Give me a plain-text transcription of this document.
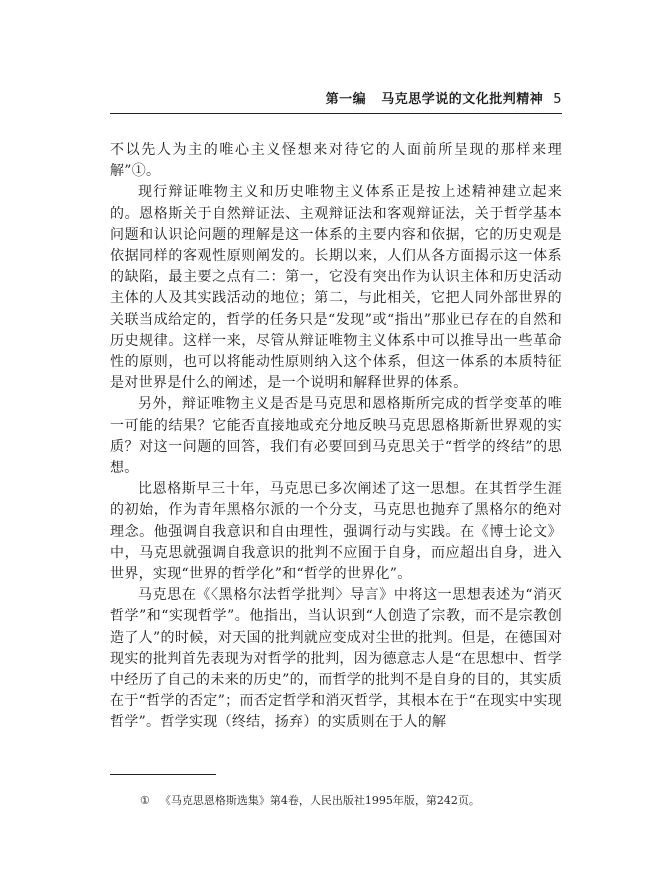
第一编 马克思学说的文化批判精神 5

不以先人为主的唯心主义怪想来对待它的人面前所呈现的那样来理解”①。

现行辩证唯物主义和历史唯物主义体系正是按上述精神建立起来的。恩格斯关于自然辩证法、主观辩证法和客观辩证法，关于哲学基本问题和认识论问题的理解是这一体系的主要内容和依据，它的历史观是依据同样的客观性原则阐发的。长期以来，人们从各方面揭示这一体系的缺陷，最主要之点有二：第一，它没有突出作为认识主体和历史活动主体的人及其实践活动的地位；第二，与此相关，它把人同外部世界的关联当成给定的，哲学的任务只是“发现”或“指出”那业已存在的自然和历史规律。这样一来，尽管从辩证唯物主义体系中可以推导出一些革命性的原则，也可以将能动性原则纳入这个体系，但这一体系的本质特征是对世界是什么的阐述，是一个说明和解释世界的体系。

另外，辩证唯物主义是否是马克思和恩格斯所完成的哲学变革的唯一可能的结果？它能否直接地或充分地反映马克思恩格斯新世界观的实质？对这一问题的回答，我们有必要回到马克思关于“哲学的终结”的思想。

比恩格斯早三十年，马克思已多次阐述了这一思想。在其哲学生涯的初始，作为青年黑格尔派的一个分支，马克思也抛弃了黑格尔的绝对理念。他强调自我意识和自由理性，强调行动与实践。在《博士论文》中，马克思就强调自我意识的批判不应囿于自身，而应超出自身，进入世界，实现“世界的哲学化”和“哲学的世界化”。

马克思在《〈黑格尔法哲学批判〉导言》中将这一思想表述为“消灭哲学”和“实现哲学”。他指出，当认识到“人创造了宗教，而不是宗教创造了人”的时候，对天国的批判就应变成对尘世的批判。但是，在德国对现实的批判首先表现为对哲学的批判，因为德意志人是“在思想中、哲学中经历了自己的未来的历史”的，而哲学的批判不是自身的目的，其实质在于“哲学的否定”；而否定哲学和消灭哲学，其根本在于“在现实中实现哲学”。哲学实现（终结，扬弃）的实质则在于人的解

① 《马克思恩格斯选集》第4卷，人民出版社1995年版，第242页。
